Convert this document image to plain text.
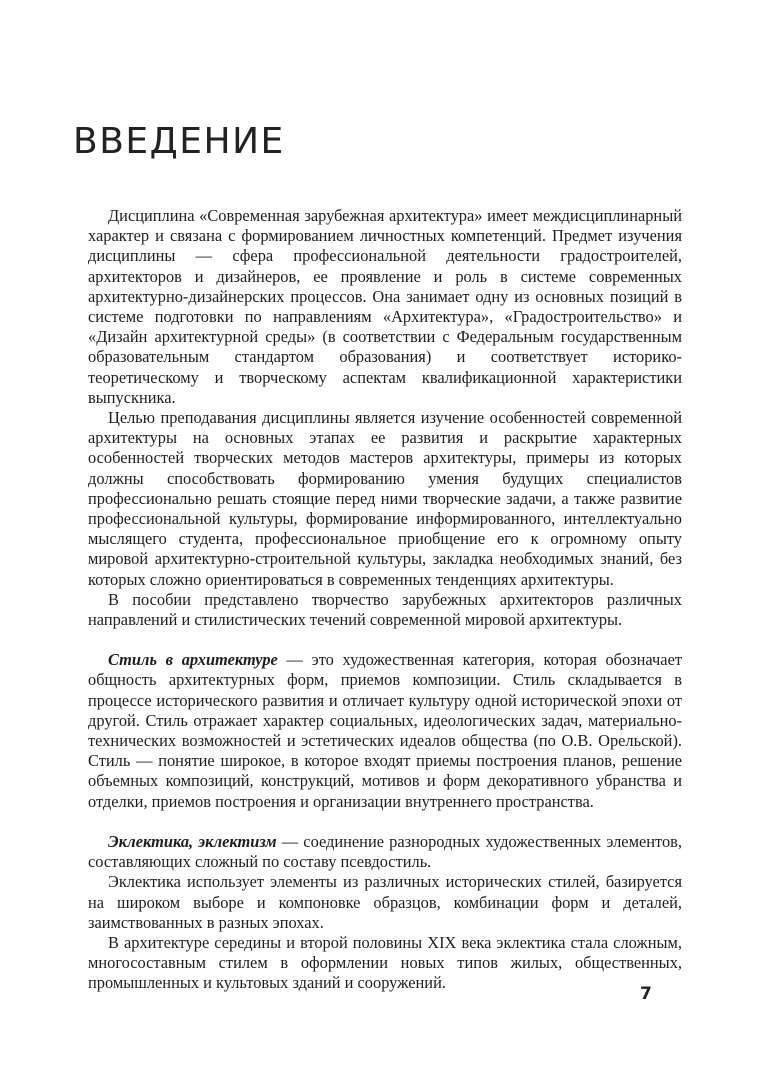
ВВЕДЕНИЕ

Дисциплина «Современная зарубежная архитектура» имеет междисциплинарный характер и связана с формированием личностных компетенций. Предмет изучения дисциплины — сфера профессиональной деятельности градостроителей, архитекторов и дизайнеров, ее проявление и роль в системе современных архитектурно-дизайнерских процессов. Она занимает одну из основных позиций в системе подготовки по направлениям «Архитектура», «Градостроительство» и «Дизайн архитектурной среды» (в соответствии с Федеральным государственным образовательным стандартом образования) и соответствует историко-теоретическому и творческому аспектам квалификационной характеристики выпускника.

Целью преподавания дисциплины является изучение особенностей современной архитектуры на основных этапах ее развития и раскрытие характерных особенностей творческих методов мастеров архитектуры, примеры из которых должны способствовать формированию умения будущих специалистов профессионально решать стоящие перед ними творческие задачи, а также развитие профессиональной культуры, формирование информированного, интеллектуально мыслящего студента, профессиональное приобщение его к огромному опыту мировой архитектурно-строительной культуры, закладка необходимых знаний, без которых сложно ориентироваться в современных тенденциях архитектуры.

В пособии представлено творчество зарубежных архитекторов различных направлений и стилистических течений современной мировой архитектуры.

Стиль в архитектуре — это художественная категория, которая обозначает общность архитектурных форм, приемов композиции. Стиль складывается в процессе исторического развития и отличает культуру одной исторической эпохи от другой. Стиль отражает характер социальных, идеологических задач, материально-технических возможностей и эстетических идеалов общества (по О.В. Орельской). Стиль — понятие широкое, в которое входят приемы построения планов, решение объемных композиций, конструкций, мотивов и форм декоративного убранства и отделки, приемов построения и организации внутреннего пространства.

Эклектика, эклектизм — соединение разнородных художественных элементов, составляющих сложный по составу псевдостиль.

Эклектика использует элементы из различных исторических стилей, базируется на широком выборе и компоновке образцов, комбинации форм и деталей, заимствованных в разных эпохах.

В архитектуре середины и второй половины XIX века эклектика стала сложным, многосоставным стилем в оформлении новых типов жилых, общественных, промышленных и культовых зданий и сооружений.

7
